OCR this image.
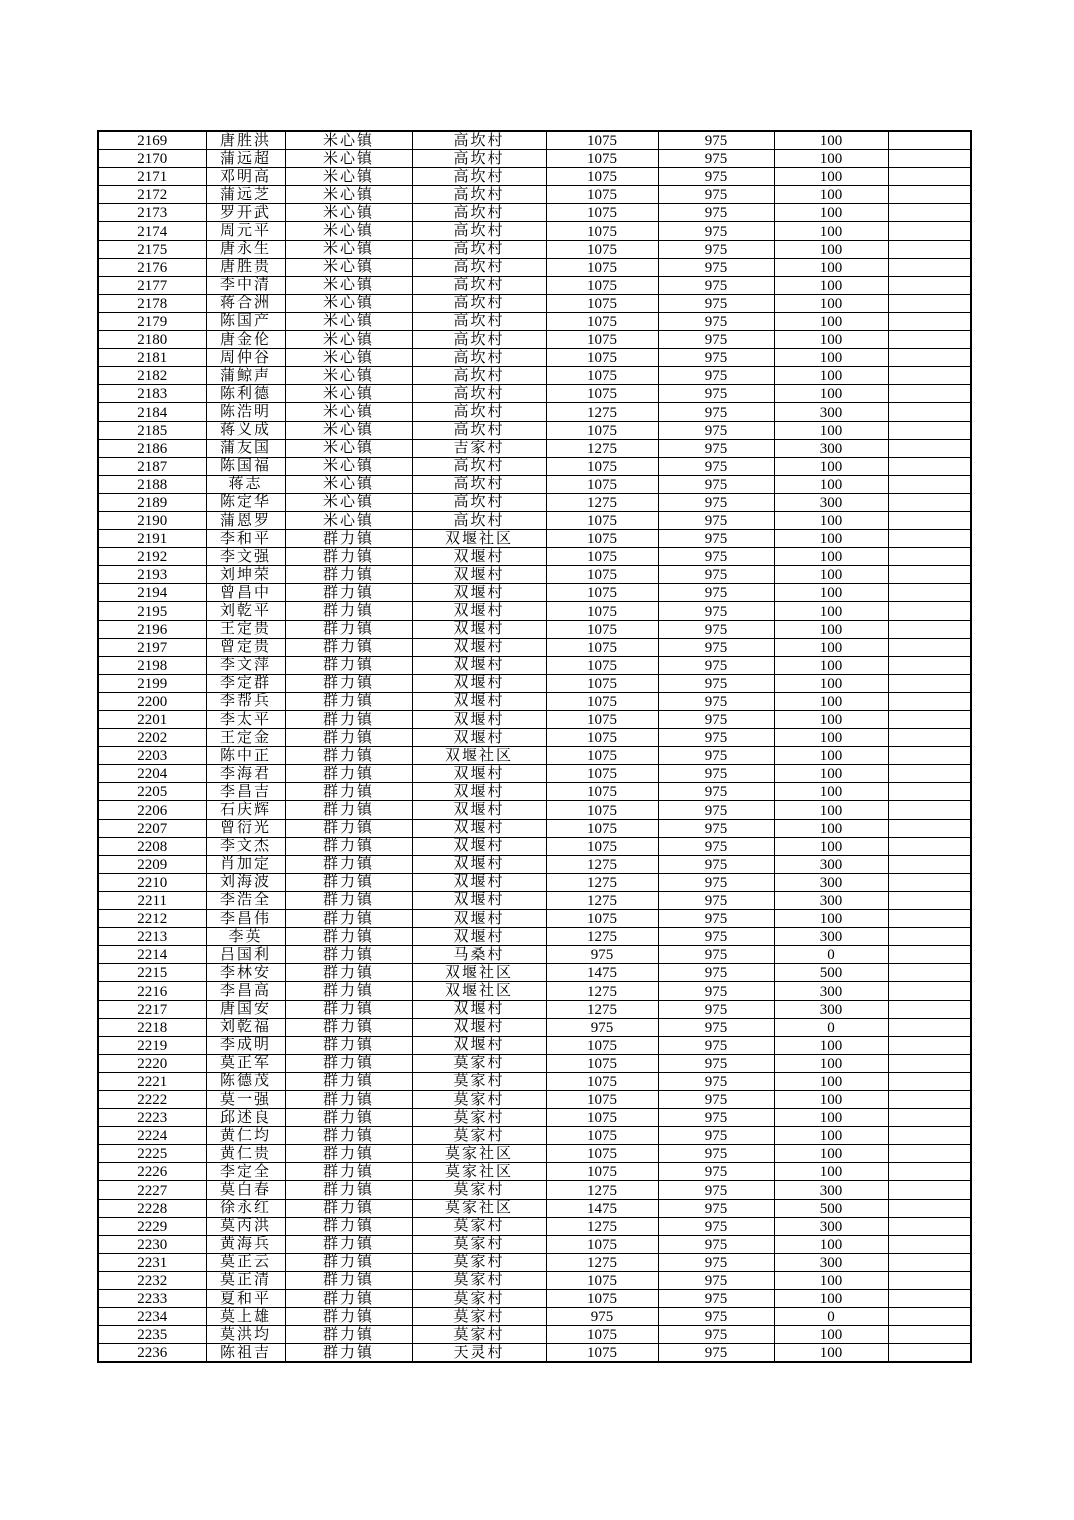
2169	唐胜洪	米心镇	高坎村	1075	975	100	
2170	蒲远超	米心镇	高坎村	1075	975	100	
2171	邓明高	米心镇	高坎村	1075	975	100	
2172	蒲远芝	米心镇	高坎村	1075	975	100	
2173	罗开武	米心镇	高坎村	1075	975	100	
2174	周元平	米心镇	高坎村	1075	975	100	
2175	唐永生	米心镇	高坎村	1075	975	100	
2176	唐胜贵	米心镇	高坎村	1075	975	100	
2177	李中清	米心镇	高坎村	1075	975	100	
2178	蒋合洲	米心镇	高坎村	1075	975	100	
2179	陈国产	米心镇	高坎村	1075	975	100	
2180	唐金伦	米心镇	高坎村	1075	975	100	
2181	周仲谷	米心镇	高坎村	1075	975	100	
2182	蒲鲸声	米心镇	高坎村	1075	975	100	
2183	陈利德	米心镇	高坎村	1075	975	100	
2184	陈浩明	米心镇	高坎村	1275	975	300	
2185	蒋义成	米心镇	高坎村	1075	975	100	
2186	蒲友国	米心镇	吉家村	1275	975	300	
2187	陈国福	米心镇	高坎村	1075	975	100	
2188	蒋志	米心镇	高坎村	1075	975	100	
2189	陈定华	米心镇	高坎村	1275	975	300	
2190	蒲恩罗	米心镇	高坎村	1075	975	100	
2191	李和平	群力镇	双堰社区	1075	975	100	
2192	李文强	群力镇	双堰村	1075	975	100	
2193	刘坤荣	群力镇	双堰村	1075	975	100	
2194	曾昌中	群力镇	双堰村	1075	975	100	
2195	刘乾平	群力镇	双堰村	1075	975	100	
2196	王定贵	群力镇	双堰村	1075	975	100	
2197	曾定贵	群力镇	双堰村	1075	975	100	
2198	李文萍	群力镇	双堰村	1075	975	100	
2199	李定群	群力镇	双堰村	1075	975	100	
2200	李帮兵	群力镇	双堰村	1075	975	100	
2201	李太平	群力镇	双堰村	1075	975	100	
2202	王定金	群力镇	双堰村	1075	975	100	
2203	陈中正	群力镇	双堰社区	1075	975	100	
2204	李海君	群力镇	双堰村	1075	975	100	
2205	李昌吉	群力镇	双堰村	1075	975	100	
2206	石庆辉	群力镇	双堰村	1075	975	100	
2207	曾衍光	群力镇	双堰村	1075	975	100	
2208	李文杰	群力镇	双堰村	1075	975	100	
2209	肖加定	群力镇	双堰村	1275	975	300	
2210	刘海波	群力镇	双堰村	1275	975	300	
2211	李浩全	群力镇	双堰村	1275	975	300	
2212	李昌伟	群力镇	双堰村	1075	975	100	
2213	李英	群力镇	双堰村	1275	975	300	
2214	吕国利	群力镇	马桑村	975	975	0	
2215	李林安	群力镇	双堰社区	1475	975	500	
2216	李昌高	群力镇	双堰社区	1275	975	300	
2217	唐国安	群力镇	双堰村	1275	975	300	
2218	刘乾福	群力镇	双堰村	975	975	0	
2219	李成明	群力镇	双堰村	1075	975	100	
2220	莫正军	群力镇	莫家村	1075	975	100	
2221	陈德茂	群力镇	莫家村	1075	975	100	
2222	莫一强	群力镇	莫家村	1075	975	100	
2223	邱述良	群力镇	莫家村	1075	975	100	
2224	黄仁均	群力镇	莫家村	1075	975	100	
2225	黄仁贵	群力镇	莫家社区	1075	975	100	
2226	李定全	群力镇	莫家社区	1075	975	100	
2227	莫白春	群力镇	莫家村	1275	975	300	
2228	徐永红	群力镇	莫家社区	1475	975	500	
2229	莫丙洪	群力镇	莫家村	1275	975	300	
2230	黄海兵	群力镇	莫家村	1075	975	100	
2231	莫正云	群力镇	莫家村	1275	975	300	
2232	莫正清	群力镇	莫家村	1075	975	100	
2233	夏和平	群力镇	莫家村	1075	975	100	
2234	莫上雄	群力镇	莫家村	975	975	0	
2235	莫洪均	群力镇	莫家村	1075	975	100	
2236	陈祖吉	群力镇	天灵村	1075	975	100	
